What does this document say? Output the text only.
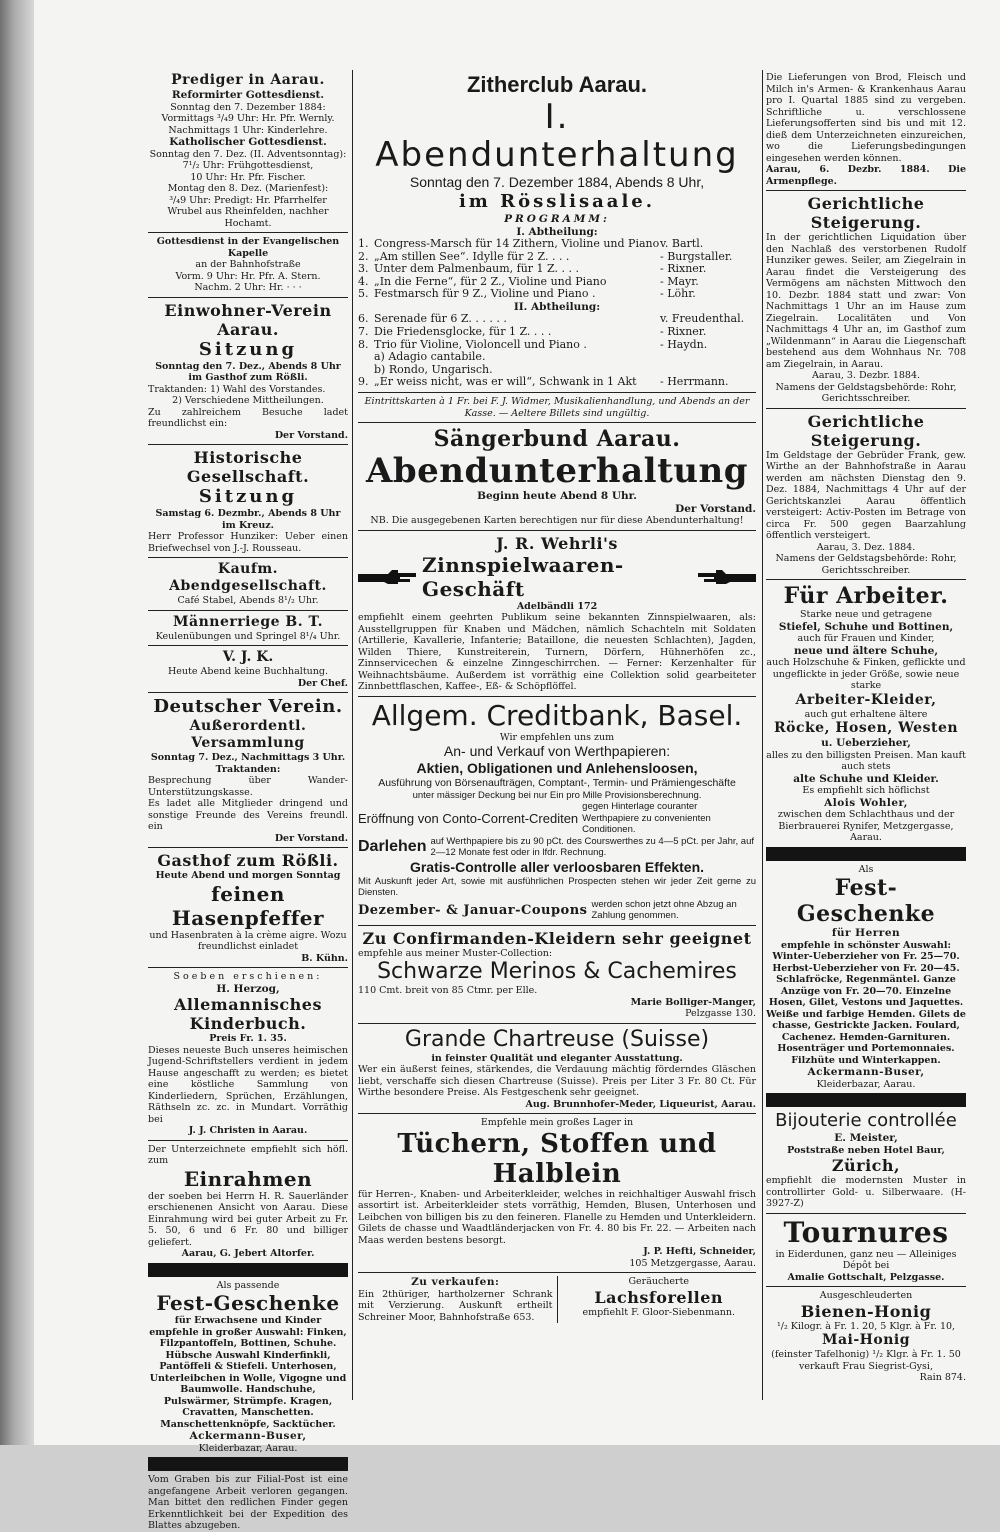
Prediger in Aarau.
Reformirter Gottesdienst.
Sonntag den 7. Dezember 1884:
Vormittags ³/₄9 Uhr: Hr. Pfr. Wernly.
Nachmittags 1 Uhr: Kinderlehre.
Katholischer Gottesdienst.
Sonntag den 7. Dez. (II. Adventsonntag):
7¹/₂ Uhr: Frühgottesdienst,
10 Uhr: Hr. Pfr. Fischer.
Montag den 8. Dez. (Marienfest):
³/₄9 Uhr: Predigt: Hr. Pfarrhelfer
Wrubel aus Rheinfelden, nachher Hochamt.
Gottesdienst in der Evangelischen Kapelle
an der Bahnhofstraße
Vorm. 9 Uhr: Hr. Pfr. A. Stern.
Nachm. 2 Uhr: Hr. · · ·
Einwohner-Verein Aarau.
Sitzung
Sonntag den 7. Dez., Abends 8 Uhr
im Gasthof zum Rößli.
Traktanden: 1) Wahl des Vorstandes.
2) Verschiedene Mittheilungen.
Zu zahlreichem Besuche ladet freundlichst ein:
Der Vorstand.
Historische Gesellschaft.
Sitzung
Samstag 6. Dezmbr., Abends 8 Uhr
im Kreuz.
Herr Professor Hunziker: Ueber einen Briefwechsel von J.-J. Rousseau.
Kaufm. Abendgesellschaft.
Café Stabel, Abends 8¹/₂ Uhr.
Männerriege B. T.
Keulenübungen und Springel 8¹/₄ Uhr.
V. J. K.
Heute Abend keine Buchhaltung.
Der Chef.
Deutscher Verein.
Außerordentl. Versammlung
Sonntag 7. Dez., Nachmittags 3 Uhr.
Traktanden:
Besprechung über Wander-Unterstützungskasse.
Es ladet alle Mitglieder dringend und sonstige Freunde des Vereins freundl. ein
Der Vorstand.
Gasthof zum Rößli.
Heute Abend und morgen Sonntag
feinen Hasenpfeffer
und Hasenbraten à la crème aigre. Wozu freundlichst einladet
B. Kühn.
Soeben erschienen:
H. Herzog,
Allemannisches Kinderbuch.
Preis Fr. 1. 35.
Dieses neueste Buch unseres heimischen Jugend-Schriftstellers verdient in jedem Hause angeschafft zu werden; es bietet eine köstliche Sammlung von Kinderliedern, Sprüchen, Erzählungen, Räthseln zc. zc. in Mundart. Vorräthig bei
J. J. Christen in Aarau.
Der Unterzeichnete empfiehlt sich höfl. zum
Einrahmen
der soeben bei Herrn H. R. Sauerländer erschienenen Ansicht von Aarau. Diese Einrahmung wird bei guter Arbeit zu Fr. 5. 50, 6 und 6 Fr. 80 und billiger geliefert.
Aarau, G. Jebert Altorfer.
Als passende
Fest-Geschenke
für Erwachsene und Kinder
empfehle in großer Auswahl: Finken, Filzpantoffeln, Bottinen, Schuhe. Hübsche Auswahl Kinderfinkli, Pantöffeli & Stiefeli. Unterhosen, Unterleibchen in Wolle, Vigogne und Baumwolle. Handschuhe, Pulswärmer, Strümpfe. Kragen, Cravatten, Manschetten. Manschettenknöpfe, Sacktücher.
Ackermann-Buser,
Kleiderbazar, Aarau.
Vom Graben bis zur Filial-Post ist eine angefangene Arbeit verloren gegangen. Man bittet den redlichen Finder gegen Erkenntlichkeit bei der Expedition des Blattes abzugeben.
Zitherclub Aarau.
I. Abendunterhaltung
Sonntag den 7. Dezember 1884, Abends 8 Uhr,
im Rösslisaale.
PROGRAMM:
I. Abtheilung:
1. Congress-Marsch für 14 Zithern, Violine und Piano v. Bartl.
2. „Am stillen See“. Idylle für 2 Z. . . .	- Burgstaller.
3. Unter dem Palmenbaum, für 1 Z. . . .	- Rixner.
4. „In die Ferne“, für 2 Z., Violine und Piano	- Mayr.
5. Festmarsch für 9 Z., Violine und Piano .	- Löhr.
II. Abtheilung:
6. Serenade für 6 Z. . . . . .	v. Freudenthal.
7. Die Friedensglocke, für 1 Z. . . .	- Rixner.
8. Trio für Violine, Violoncell und Piano .	- Haydn.
a) Adagio cantabile.
b) Rondo, Ungarisch.
9. „Er weiss nicht, was er will“, Schwank in 1 Akt	- Herrmann.
Eintrittskarten à 1 Fr. bei F. J. Widmer, Musikalienhandlung, und Abends an der Kasse. — Aeltere Billets sind ungültig.
Sängerbund Aarau.
Abendunterhaltung
Beginn heute Abend 8 Uhr.
Der Vorstand.
NB. Die ausgegebenen Karten berechtigen nur für diese Abendunterhaltung!
J. R. Wehrli's
Zinnspielwaaren-Geschäft
Adelbändli 172
empfiehlt einem geehrten Publikum seine bekannten Zinnspielwaaren, als: Ausstellgruppen für Knaben und Mädchen, nämlich Schachteln mit Soldaten (Artillerie, Kavallerie, Infanterie; Bataillone, die neuesten Schlachten), Jagden, Wilden Thiere, Kunstreiterein, Turnern, Dörfern, Hühnerhöfen zc., Zinnservicechen & einzelne Zinngeschirrchen. — Ferner: Kerzenhalter für Weihnachtsbäume. Außerdem ist vorräthig eine Collektion solid gearbeiteter Zinnbettflaschen, Kaffee-, Eß- & Schöpflöffel.
Allgem. Creditbank, Basel.
Wir empfehlen uns zum
An- und Verkauf von Werthpapieren:
Aktien, Obligationen und Anlehensloosen,
Ausführung von Börsenaufträgen, Comptant-, Termin- und Prämiengeschäfte
unter mässiger Deckung bei nur Ein pro Mille Provisionsberechnung.
Eröffnung von Conto-Corrent-Crediten
gegen Hinterlage couranter Werthpapiere zu convenienten Conditionen.
Darlehen auf Werthpapiere bis zu 90 pCt. des Courswerthes zu 4—5 pCt. per Jahr, auf 2—12 Monate fest oder in lfdr. Rechnung.
Gratis-Controlle aller verloosbaren Effekten.
Mit Auskunft jeder Art, sowie mit ausführlichen Prospecten stehen wir jeder Zeit gerne zu Diensten.
Dezember- & Januar-Coupons werden schon jetzt ohne Abzug an Zahlung genommen.
Zu Confirmanden-Kleidern sehr geeignet
empfehle aus meiner Muster-Collection:
Schwarze Merinos & Cachemires
110 Cmt. breit von 85 Ctmr. per Elle.
Marie Bolliger-Manger,
Pelzgasse 130.
Grande Chartreuse (Suisse)
in feinster Qualität und eleganter Ausstattung.
Wer ein äußerst feines, stärkendes, die Verdauung mächtig förderndes Gläschen liebt, verschaffe sich diesen Chartreuse (Suisse). Preis per Liter 3 Fr. 80 Ct. Für Wirthe besondere Preise. Als Festgeschenk sehr geeignet.
Aug. Brunnhofer-Meder, Liqueurist, Aarau.
Empfehle mein großes Lager in
Tüchern, Stoffen und Halblein
für Herren-, Knaben- und Arbeiterkleider, welches in reichhaltiger Auswahl frisch assortirt ist. Arbeiterkleider stets vorräthig, Hemden, Blusen, Unterhosen und Leibchen von billigen bis zu den feineren. Flanelle zu Hemden und Unterkleidern. Gilets de chasse und Waadtländerjacken von Fr. 4. 80 bis Fr. 22. — Arbeiten nach Maas werden bestens besorgt.
J. P. Hefti, Schneider,
105 Metzgergasse, Aarau.
Zu verkaufen:
Ein 2thüriger, hartholzerner Schrank mit Verzierung. Auskunft ertheilt Schreiner Moor, Bahnhofstraße 653.
Geräucherte
Lachsforellen
empfiehlt F. Gloor-Siebenmann.
Die Lieferungen von Brod, Fleisch und Milch in's Armen- & Krankenhaus Aarau pro I. Quartal 1885 sind zu vergeben. Schriftliche u. verschlossene Lieferungsofferten sind bis und mit 12. dieß dem Unterzeichneten einzureichen, wo die Lieferungsbedingungen eingesehen werden können.
Aarau, 6. Dezbr. 1884. Die Armenpflege.
Gerichtliche Steigerung.
In der gerichtlichen Liquidation über den Nachlaß des verstorbenen Rudolf Hunziker gewes. Seiler, am Ziegelrain in Aarau findet die Versteigerung des Vermögens am nächsten Mittwoch den 10. Dezbr. 1884 statt und zwar: Von Nachmittags 1 Uhr an im Hause zum Ziegelrain. Localitäten und Von Nachmittags 4 Uhr an, im Gasthof zum „Wildenmann“ in Aarau die Liegenschaft bestehend aus dem Wohnhaus Nr. 708 am Ziegelrain, in Aarau.
Aarau, 3. Dezbr. 1884.
Namens der Geldstagsbehörde: Rohr, Gerichtsschreiber.
Gerichtliche Steigerung.
Im Geldstage der Gebrüder Frank, gew. Wirthe an der Bahnhofstraße in Aarau werden am nächsten Dienstag den 9. Dez. 1884, Nachmittags 4 Uhr auf der Gerichtskanzlei Aarau öffentlich versteigert: Activ-Posten im Betrage von circa Fr. 500 gegen Baarzahlung öffentlich versteigert.
Aarau, 3. Dez. 1884.
Namens der Geldstagsbehörde: Rohr, Gerichtsschreiber.
Für Arbeiter.
Starke neue und getragene
Stiefel, Schuhe und Bottinen,
auch für Frauen und Kinder,
neue und ältere Schuhe,
auch Holzschuhe & Finken, geflickte und ungeflickte in jeder Größe, sowie neue starke
Arbeiter-Kleider,
auch gut erhaltene ältere
Röcke, Hosen, Westen
u. Ueberzieher,
alles zu den billigsten Preisen. Man kauft auch stets
alte Schuhe und Kleider.
Es empfiehlt sich höflichst
Alois Wohler,
zwischen dem Schlachthaus und der Bierbrauerei Rynifer, Metzgergasse, Aarau.
Als
Fest-Geschenke
für Herren
empfehle in schönster Auswahl: Winter-Ueberzieher von Fr. 25—70. Herbst-Ueberzieher von Fr. 20—45. Schlafröcke, Regenmäntel. Ganze Anzüge von Fr. 20—70. Einzelne Hosen, Gilet, Vestons und Jaquettes. Weiße und farbige Hemden. Gilets de chasse, Gestrickte Jacken. Foulard, Cachenez. Hemden-Garnituren. Hosenträger und Portemonnaies. Filzhüte und Winterkappen.
Ackermann-Buser,
Kleiderbazar, Aarau.
Bijouterie controllée
E. Meister,
Poststraße neben Hotel Baur,
Zürich,
empfiehlt die modernsten Muster in controllirter Gold- u. Silberwaare. (H-3927-Z)
Tournures
in Eiderdunen, ganz neu — Alleiniges Dépôt bei
Amalie Gottschalt, Pelzgasse.
Ausgeschleuderten
Bienen-Honig
¹/₂ Kilogr. à Fr. 1. 20, 5 Klgr. à Fr. 10,
Mai-Honig
(feinster Tafelhonig) ¹/₂ Klgr. à Fr. 1. 50
verkauft Frau Siegrist-Gysi,
Rain 874.
